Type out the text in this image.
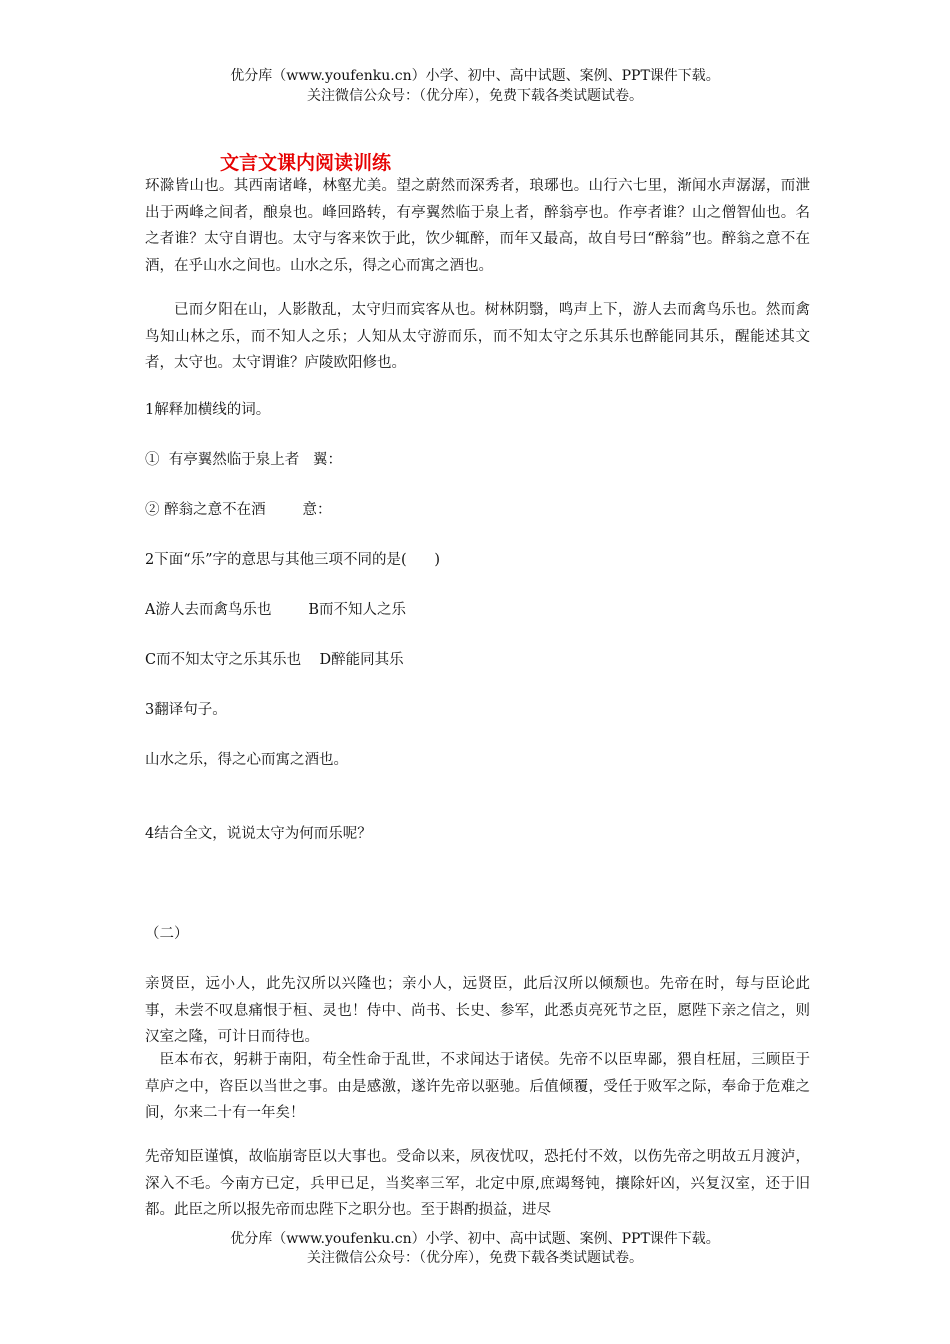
优分库（www.youfenku.cn）小学、初中、高中试题、案例、PPT课件下载。
关注微信公众号：（优分库），免费下载各类试题试卷。
文言文课内阅读训练

环滁皆山也。其西南诸峰，林壑尤美。望之蔚然而深秀者，琅琊也。山行六七里，渐闻水声潺潺，而泄出于两峰之间者，酿泉也。峰回路转，有亭翼然临于泉上者，醉翁亭也。作亭者谁？山之僧智仙也。名之者谁？太守自谓也。太守与客来饮于此，饮少辄醉，而年又最高，故自号曰“醉翁”也。醉翁之意不在酒，在乎山水之间也。山水之乐，得之心而寓之酒也。

已而夕阳在山，人影散乱，太守归而宾客从也。树林阴翳，鸣声上下，游人去而禽鸟乐也。然而禽鸟知山林之乐，而不知人之乐；人知从太守游而乐，而不知太守之乐其乐也醉能同其乐，醒能述其文者，太守也。太守谓谁？庐陵欧阳修也。

1解释加横线的词。

①  有亭翼然临于泉上者   翼：

② 醉翁之意不在酒        意：

2下面“乐”字的意思与其他三项不同的是(      )

A游人去而禽鸟乐也        B而不知人之乐

C而不知太守之乐其乐也    D醉能同其乐

3翻译句子。

山水之乐，得之心而寓之酒也。

4结合全文，说说太守为何而乐呢？

（二）

亲贤臣，远小人，此先汉所以兴隆也；亲小人，远贤臣，此后汉所以倾颓也。先帝在时，每与臣论此事，未尝不叹息痛恨于桓、灵也！侍中、尚书、长史、参军，此悉贞亮死节之臣，愿陛下亲之信之，则汉室之隆，可计日而待也。

臣本布衣，躬耕于南阳，苟全性命于乱世，不求闻达于诸侯。先帝不以臣卑鄙，猥自枉屈，三顾臣于草庐之中，咨臣以当世之事。由是感激，遂许先帝以驱驰。后值倾覆，受任于败军之际，奉命于危难之间，尔来二十有一年矣！

先帝知臣谨慎，故临崩寄臣以大事也。受命以来，夙夜忧叹，恐托付不效，以伤先帝之明故五月渡泸，深入不毛。今南方已定，兵甲已足，当奖率三军，北定中原,庶竭驽钝，攘除奸凶，兴复汉室，还于旧都。此臣之所以报先帝而忠陛下之职分也。至于斟酌损益，进尽

优分库（www.youfenku.cn）小学、初中、高中试题、案例、PPT课件下载。
关注微信公众号：（优分库），免费下载各类试题试卷。
